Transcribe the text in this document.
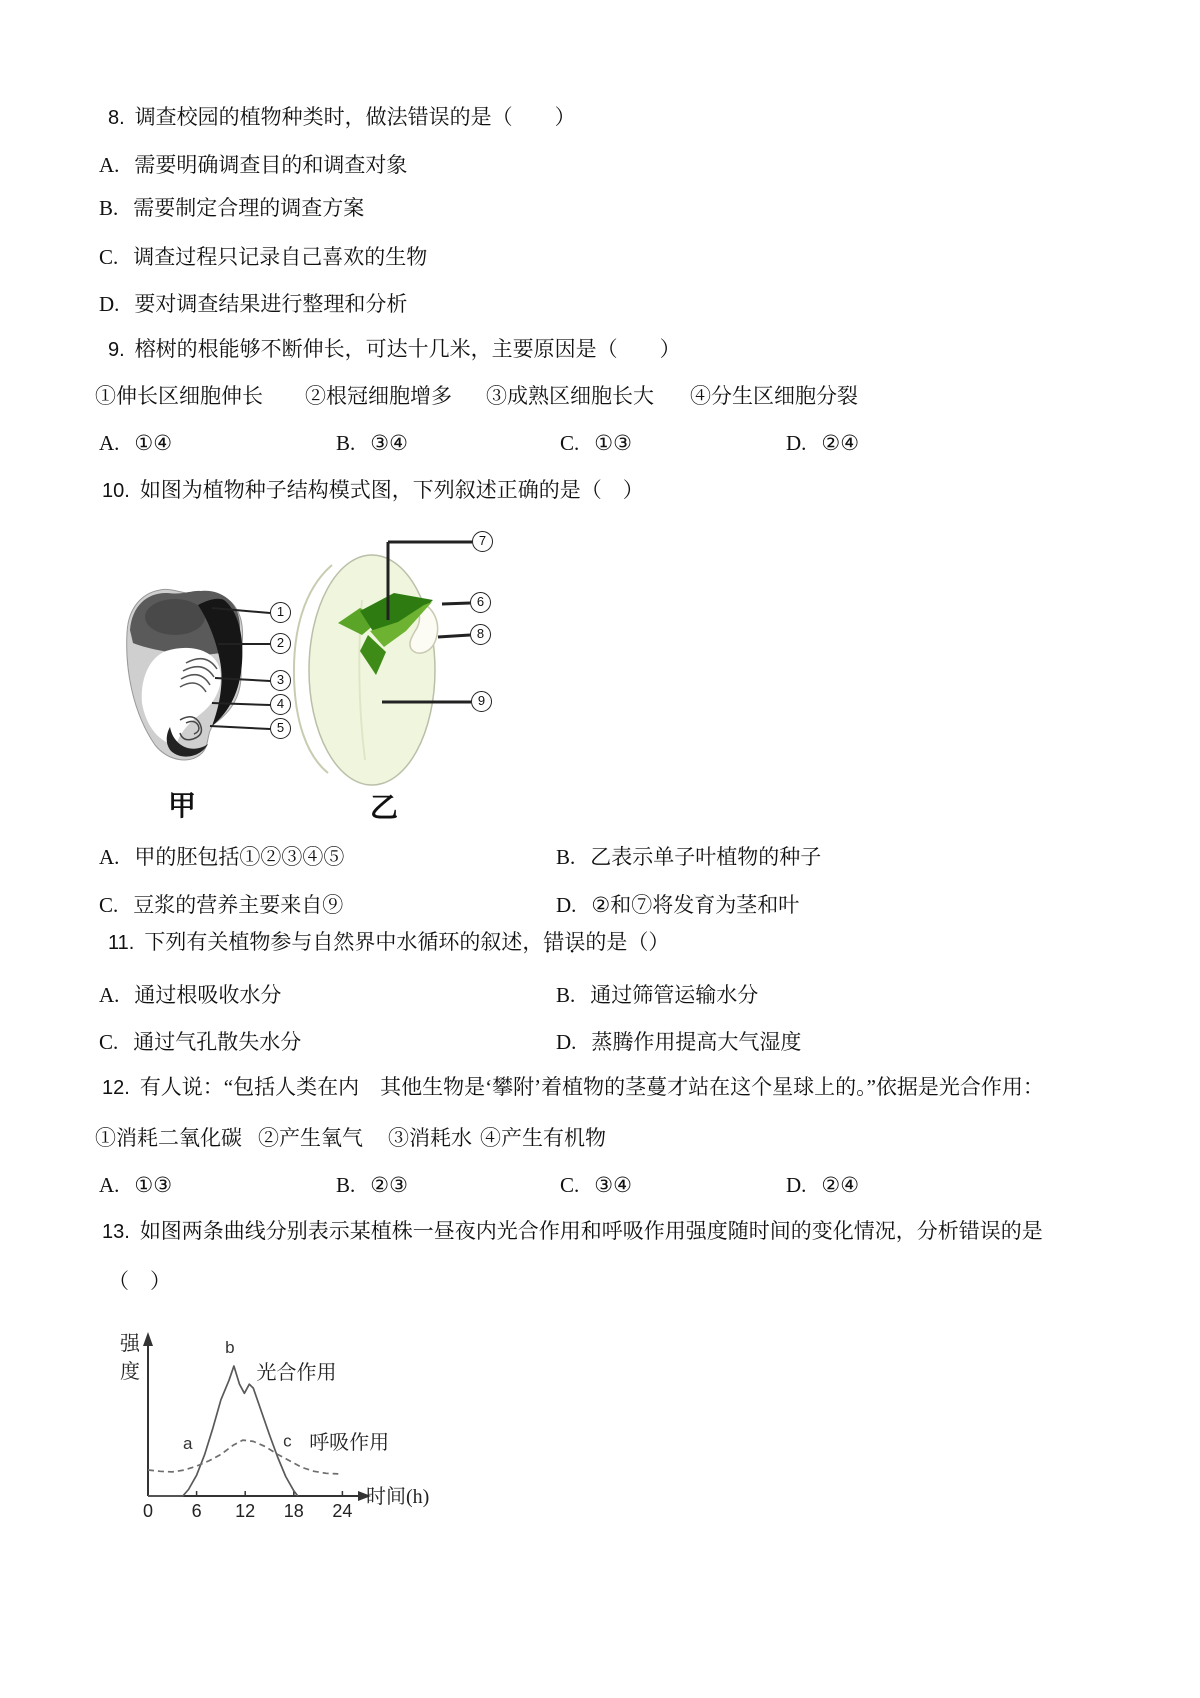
8. 调查校园的植物种类时，做法错误的是（　　）
A. 需要明确调查目的和调查对象
B. 需要制定合理的调查方案
C. 调查过程只记录自己喜欢的生物
D. 要对调查结果进行整理和分析
9. 榕树的根能够不断伸长，可达十几米，主要原因是（　　）
①伸长区细胞伸长 ②根冠细胞增多 ③成熟区细胞长大 ④分生区细胞分裂
A. ①④	B. ③④	C. ①③	D. ②④
10. 如图为植物种子结构模式图，下列叙述正确的是（　）
1
2
3
4
5
7
6
8
9
甲	乙
A. 甲的胚包括①②③④⑤	B. 乙表示单子叶植物的种子
C. 豆浆的营养主要来自⑨	D. ②和⑦将发育为茎和叶
11. 下列有关植物参与自然界中水循环的叙述，错误 • •的是（）
A. 通过根吸收水分	B. 通过筛管运输水分
C. 通过气孔散失水分	D. 蒸腾作用提高大气湿度
12. 有人说：“包括人类在内　其他生物是‘攀附’着植物的茎蔓才站在这个星球上的。”依据是光合作用：
①消耗二氧化碳 ②产生氧气 ③消耗水 ④产生有机物
A. ①③	B. ②③	C. ③④	D. ②④
13. 如图两条曲线分别表示某植株一昼夜内光合作用和呼吸作用强度随时间的变化情况，分析错误的是
（　）
0 6 12 18 24
光合作用
呼吸作用
a
b
c
强度
时间(h)
